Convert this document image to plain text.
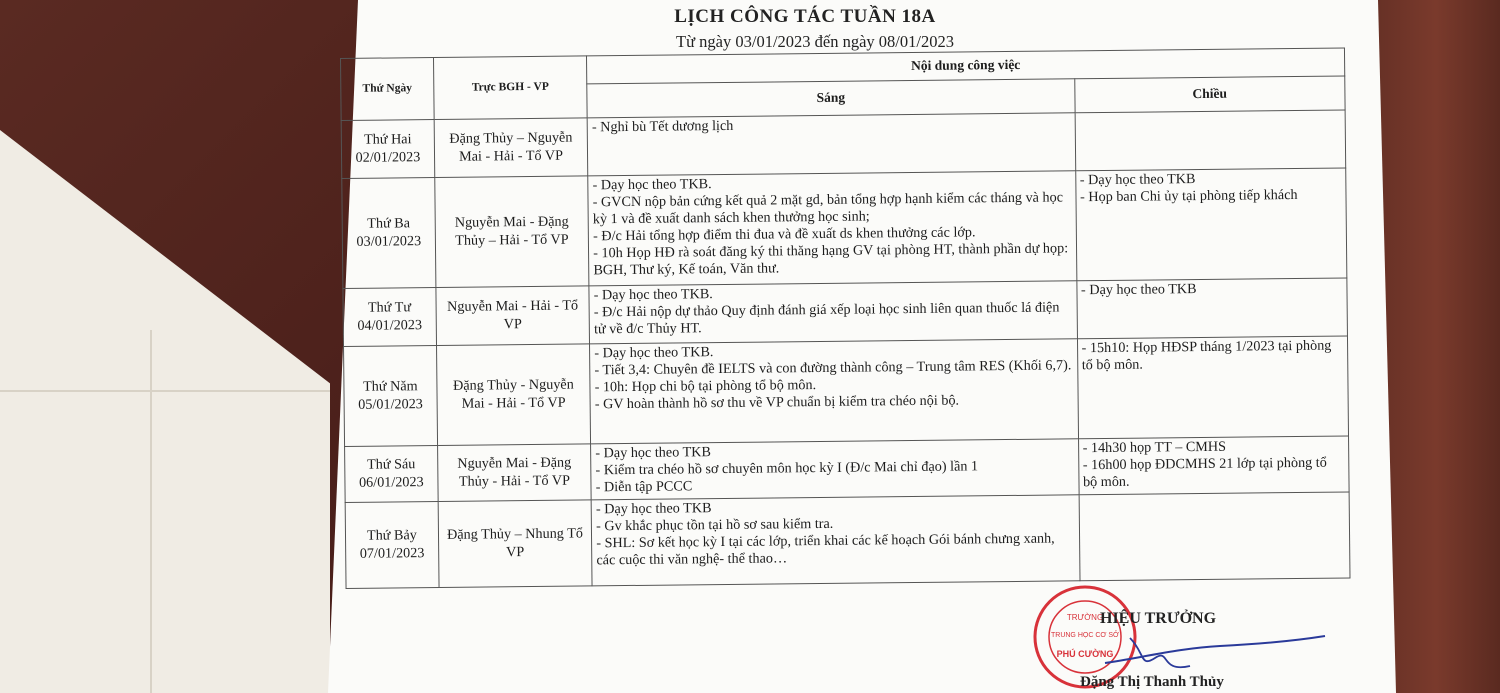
LỊCH CÔNG TÁC TUẦN 18A
Từ ngày 03/01/2023 đến ngày 08/01/2023
Thứ Ngày	Trực BGH - VP	Nội dung công việc	
		Sáng	Chiều

Thứ Hai
02/01/2023	Đặng Thủy – Nguyễn Mai - Hải - Tổ VP	- Nghỉ bù Tết dương lịch	

Thứ Ba
03/01/2023	Nguyễn Mai - Đặng Thủy – Hải - Tổ VP	- Dạy học theo TKB.
- GVCN nộp bản cứng kết quả 2 mặt gd, bản tổng hợp hạnh kiểm các tháng và học kỳ 1 và đề xuất danh sách khen thưởng học sinh;
- Đ/c Hải tổng hợp điểm thi đua và đề xuất ds khen thưởng các lớp.
- 10h Họp HĐ rà soát đăng ký thi thăng hạng GV tại phòng HT, thành phần dự họp: BGH, Thư ký, Kế toán, Văn thư.	- Dạy học theo TKB
- Họp ban Chi ủy tại phòng tiếp khách

Thứ Tư
04/01/2023	Nguyễn Mai - Hải - Tổ VP	- Dạy học theo TKB.
- Đ/c Hải nộp dự thảo Quy định đánh giá xếp loại học sinh liên quan thuốc lá điện tử về đ/c Thủy HT.	- Dạy học theo TKB

Thứ Năm
05/01/2023	Đặng Thủy - Nguyễn Mai - Hải - Tổ VP	- Dạy học theo TKB.
- Tiết 3,4: Chuyên đề IELTS và con đường thành công – Trung tâm RES (Khối 6,7).
- 10h: Họp chi bộ tại phòng tổ bộ môn.
- GV hoàn thành hồ sơ thu về VP chuẩn bị kiểm tra chéo nội bộ.	- 15h10: Họp HĐSP tháng 1/2023 tại phòng tổ bộ môn.

Thứ Sáu
06/01/2023	Nguyễn Mai - Đặng Thủy - Hải - Tổ VP	- Dạy học theo TKB
- Kiểm tra chéo hồ sơ chuyên môn học kỳ I (Đ/c Mai chỉ đạo) lần 1
- Diễn tập PCCC	- 14h30 họp TT – CMHS
- 16h00 họp ĐDCMHS 21 lớp tại phòng tổ bộ môn.

Thứ Bảy
07/01/2023	Đặng Thủy – Nhung Tổ VP	- Dạy học theo TKB
- Gv khắc phục tồn tại hồ sơ sau kiểm tra.
- SHL: Sơ kết học kỳ I tại các lớp, triển khai các kế hoạch Gói bánh chưng xanh, các cuộc thi văn nghệ- thể thao…	

TRƯỜNG
TRUNG HỌC CƠ SỞ
PHÚ CƯỜNG
HIỆU TRƯỞNG
Đặng Thị Thanh Thủy
